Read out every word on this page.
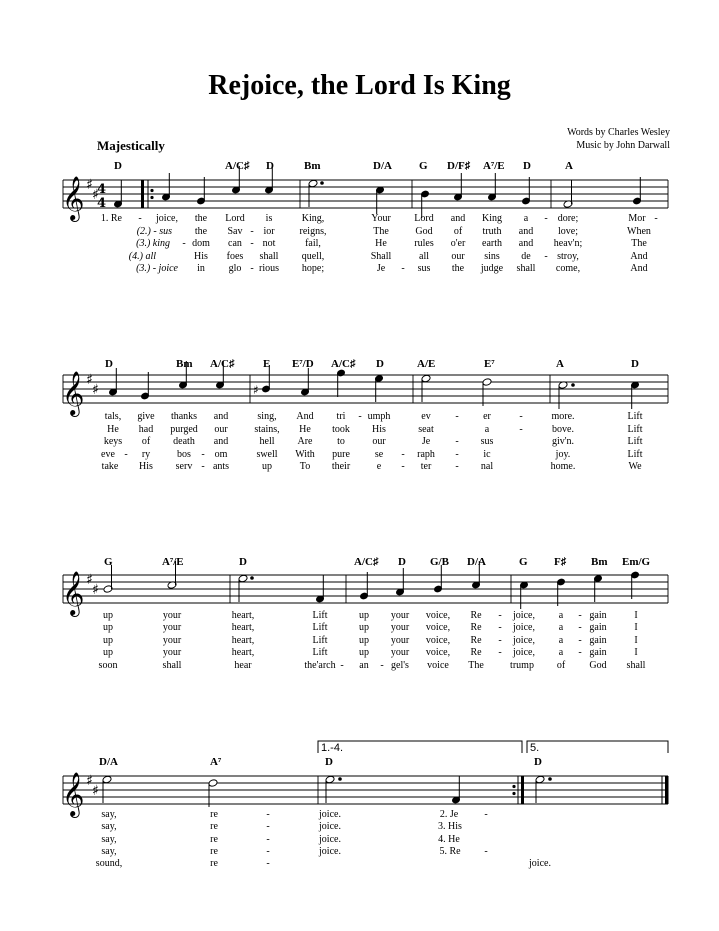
Rejoice, the Lord Is King
Majestically
Words by Charles Wesley
Music by John Darwall
D	A/C♯ D	Bm	D/A G D/F♯ A⁷/E D	A
𝄞 ♯
♯
4
4
1. Re - joice, the Lord is	King,	Your Lord and King a - dore;	Mor -
(2.) - sus the Sav - ior reigns,	The	God of truth and love;	When
(3.) king - dom can - not	fail,	He	rules o'er earth and heav'n;	The
(4.) all	His foes shall quell,	Shall	all our sins de - stroy,	And
(3.) - joice in glo - rious hope;	Je - sus the judge shall come,	And
D	Bm A/C♯	E E⁷/D A/C♯ D	A/E	E⁷	A	D
𝄞 ♯
♯	♯
tals, give thanks and	sing, And tri - umph	ev - er	-	more.	Lift
He had purged our	stains, He took His	seat	a	-	bove.	Lift
keys of death and	hell Are to	our	Je	- sus	giv'n.	Lift
eve - ry	bos - om	swell With pure se - raph - ic	joy.	Lift
take His serv - ants	up	To their	e - ter - nal	home.	We
G	A⁷/E	D	A/C♯ D G/B D/A	G F♯ Bm Em/G
𝄞 ♯
♯
up	your	heart,	Lift	up your voice, Re - joice, a - gain	I
up	your	heart,	Lift	up your voice, Re - joice, a - gain	I
up	your	heart,	Lift	up your voice, Re - joice, a - gain	I
up	your	heart,	Lift	up your voice, Re - joice, a - gain	I
soon	shall	hear	the'arch - an - gel's voice The	trump of God shall
1.-4.	5.
D/A	A⁷	D	D
𝄞 ♯
♯
say,	re	-	joice.	2. Je	-
say,	re	-	joice.	3. His
say,	re	-	joice.	4. He
say,	re	-	joice.	5. Re -
sound,	re	-	joice.
